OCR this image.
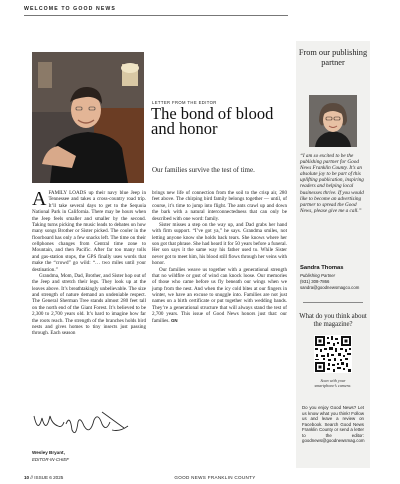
WELCOME TO GOOD NEWS
LETTER FROM THE EDITOR
The bond of blood and honor
Our families survive the test of time.

A FAMILY LOADS up their navy blue Jeep in Tennessee and takes a cross-country road trip. It’ll take several days to get to the Sequoia National Park in California. There may be hours when the Jeep feels smaller and smaller by the second. Taking turns picking the music leads to debates on how many songs Brother or Sister picked. The cooler in the floorboard has only a few snacks left. The time on their cellphones changes from Central time zone to Mountain, and then Pacific. After far too many tolls and gas-station stops, the GPS finally uses words that make the “crowd” go wild: “… two miles until your destination.”

Grandma, Mom, Dad, Brother, and Sister hop out of the Jeep and stretch their legs. They look up at the leaves above. It’s breathtakingly unbelievable. The size and strength of nature demand an undeniable respect. The General Sherman Tree stands almost 280 feet tall on the north end of the Giant Forest. It’s believed to be 2,300 to 2,700 years old. It’s hard to imagine how far the roots reach. The strength of the branches holds bird nests and gives homes to tiny insects just passing through. Each season

brings new life of connection from the soil to the crisp air, 280 feet above. The chirping bird family belongs together — until, of course, it’s time to jump into flight. The ants crawl up and down the bark with a natural interconnectedness that can only be described with one word: family.

Sister misses a step on the way up, and Dad grabs her hand with firm support. “I’ve got ya,” he says. Grandma smiles, not letting anyone know she holds back tears. She knows where her son got that phrase. She had heard it for 50 years before a funeral. Her son says it the same way his father used to. While Sister never got to meet him, his blood still flows through her veins with honor.

Our families weave us together with a generational strength that no wildfire or gust of wind can knock loose. Our memories of those who came before us fly beneath our wings when we jump from the nest. And when the icy cold bites at our fingers in winter, we have an excuse to snuggle into. Families are not just names on a birth certificate or put together with wedding bands. They’re a generational structure that will always stand the test of 2,700 years. This issue of Good News honors just that: our families. GN

Wesley Bryant,
EDITOR-IN-CHIEF
From our publishing partner
“I am so excited to be the publishing partner for Good News Franklin County. It’s an absolute joy to be part of this uplifting publication, inspiring readers and helping local businesses thrive. If you would like to become an advertising partner to spread the Good News, please give me a call.”
Sandra Thomas
Publishing Partner
(931) 308-7866
sandra@goodnewsmagco.com
What do you think about the magazine?
Scan with your
smartphone’s camera.
Do you enjoy Good News? Let us know what you think! Follow us and leave a review on Facebook. Search Good News Franklin County or send a letter to the editor: goodnews@goodnewsmag.com
10 // ISSUE 6 2025	GOOD NEWS FRANKLIN COUNTY
